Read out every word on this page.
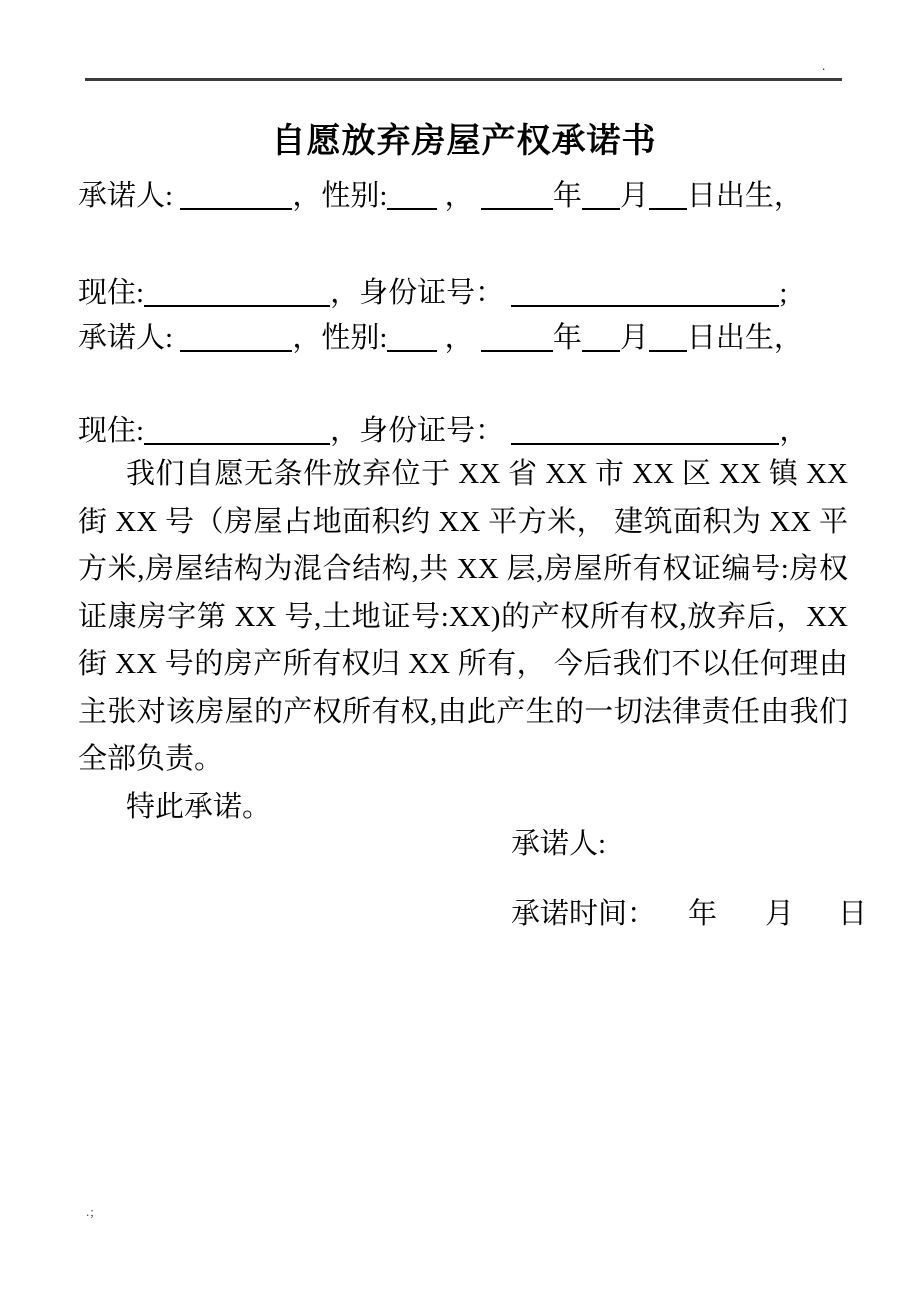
.
自愿放弃房屋产权承诺书
承诺人:	，性别: ， 年 月 日出生，
现住:	，身份证号：	;
承诺人:	，性别: ， 年 月 日出生，
现住:	，身份证号：	，

我们自愿无条件放弃位于 XX 省 XX 市 XX 区 XX 镇 XX 街 XX 号（房屋占地面积约 XX 平方米， 建筑面积为 XX 平方米,房屋结构为混合结构,共 XX 层,房屋所有权证编号:房权证康房字第 XX 号,土地证号:XX)的产权所有权,放弃后，XX 街 XX 号的房产所有权归 XX 所有， 今后我们不以任何理由主张对该房屋的产权所有权,由此产生的一切法律责任由我们全部负责。

特此承诺。

承诺人:
承诺时间： 年 月 日
.;
